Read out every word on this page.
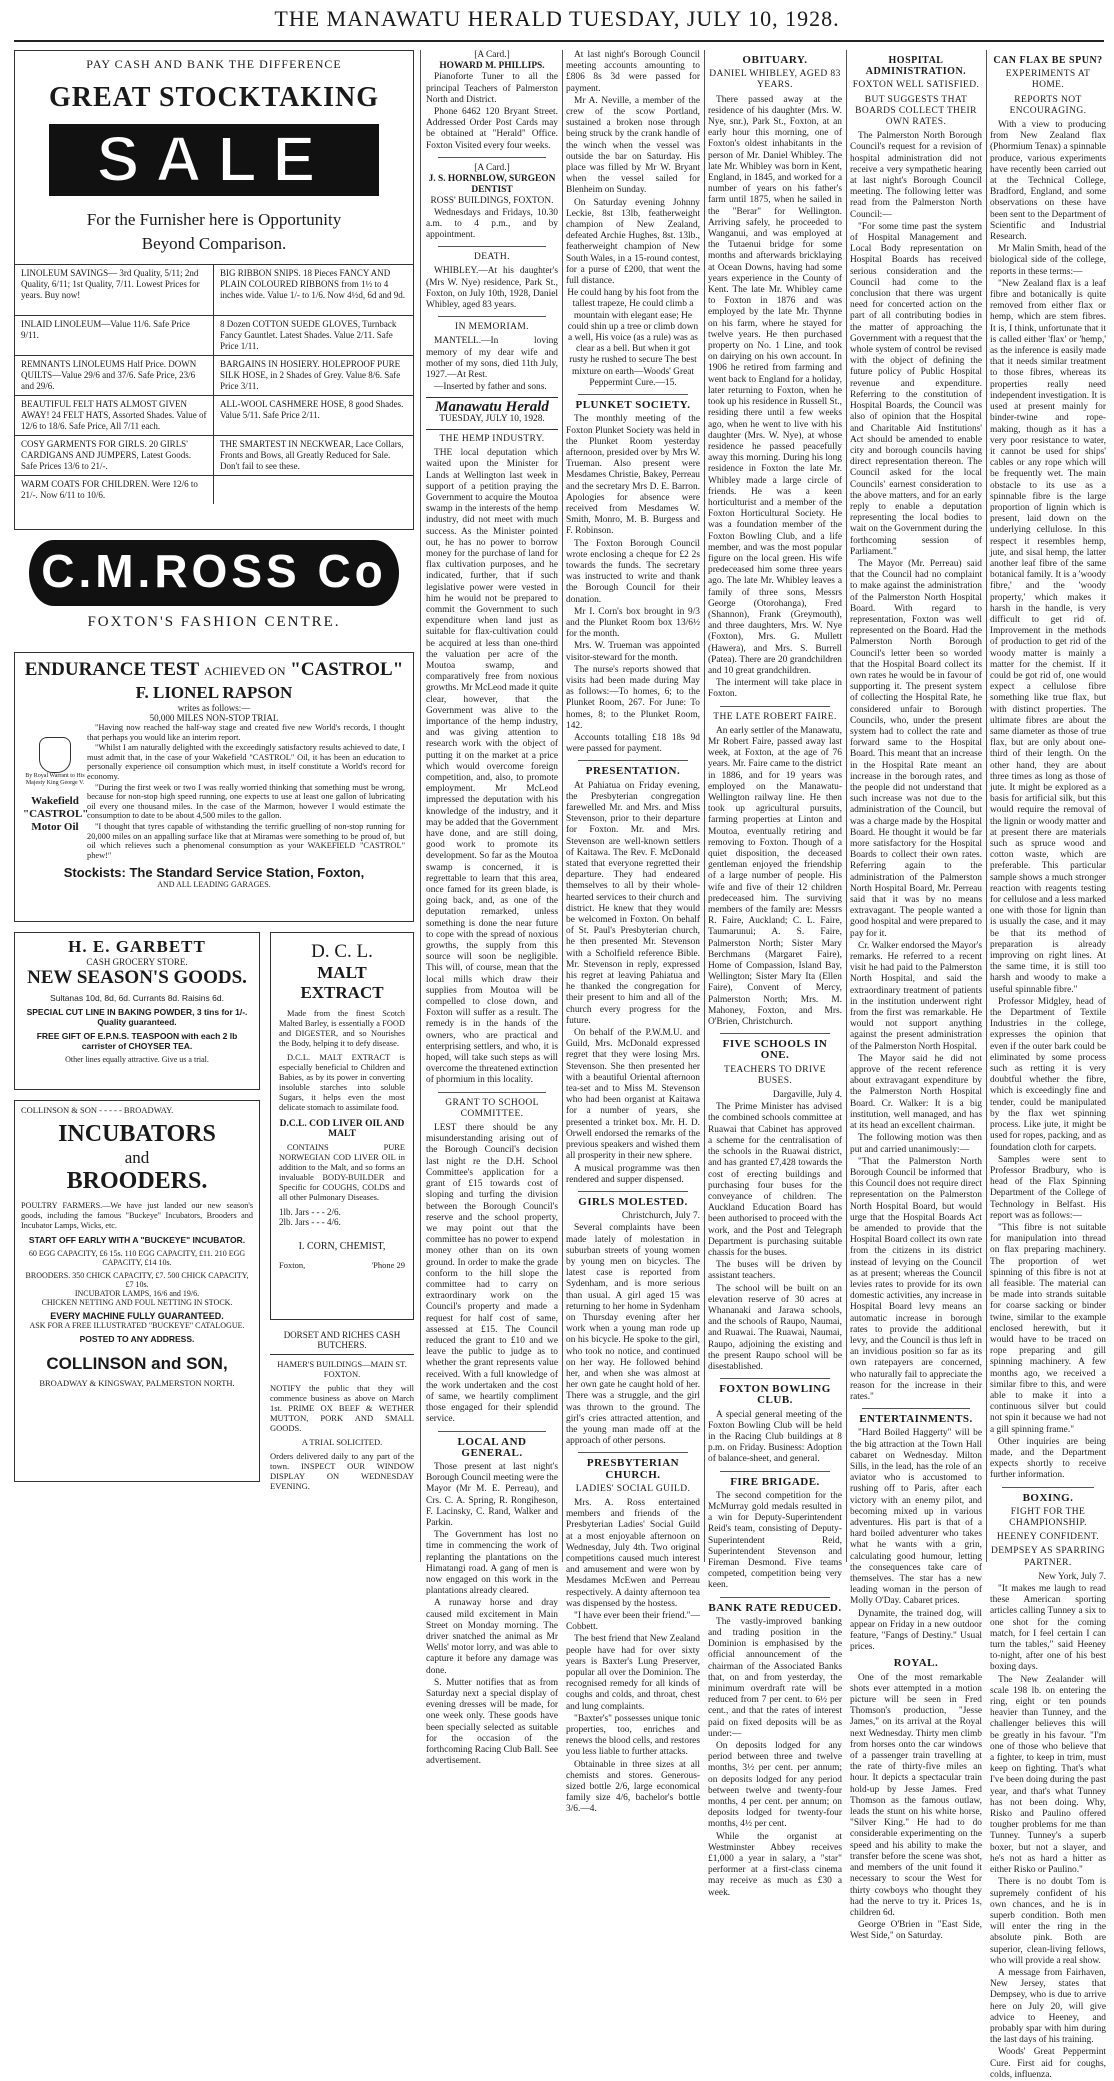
THE MANAWATU HERALD TUESDAY, JULY 10, 1928.
PAY CASH AND BANK THE DIFFERENCE
GREAT STOCKTAKING
SALE
For the Furnisher here is Opportunity
Beyond Comparison.
LINOLEUM SAVINGS— 3rd Quality, 5/11; 2nd Quality, 6/11; 1st Quality, 7/11. Lowest Prices for years. Buy now!
BIG RIBBON SNIPS. 18 Pieces FANCY AND PLAIN COLOURED RIBBONS from 1½ to 4 inches wide. Value 1/- to 1/6. Now 4½d, 6d and 9d.
INLAID LINOLEUM—Value 11/6. Safe Price 9/11.
8 Dozen COTTON SUEDE GLOVES, Turnback Fancy Gauntlet. Latest Shades. Value 2/11. Safe Price 1/11.
REMNANTS LINOLEUMS Half Price. DOWN QUILTS—Value 29/6 and 37/6. Safe Price, 23/6 and 29/6.
BARGAINS IN HOSIERY. HOLEPROOF PURE SILK HOSE, in 2 Shades of Grey. Value 8/6. Safe Price 3/11.
BEAUTIFUL FELT HATS ALMOST GIVEN AWAY! 24 FELT HATS, Assorted Shades. Value of 12/6 to 18/6. Safe Price, All 7/11 each.
ALL-WOOL CASHMERE HOSE, 8 good Shades. Value 5/11. Safe Price 2/11.
COSY GARMENTS FOR GIRLS. 20 GIRLS' CARDIGANS AND JUMPERS, Latest Goods. Safe Prices 13/6 to 21/-.
THE SMARTEST IN NECKWEAR, Lace Collars, Fronts and Bows, all Greatly Reduced for Sale. Don't fail to see these.
WARM COATS FOR CHILDREN. Were 12/6 to 21/-. Now 6/11 to 10/6.
C.M.ROSS Co
FOXTON'S FASHION CENTRE.
ENDURANCE TEST ACHIEVED ON "CASTROL"
F. LIONEL RAPSON
writes as follows:—
50,000 MILES NON-STOP TRIAL
By Royal Warrant to His Majesty King George V.
Wakefield "CASTROL" Motor Oil

"Having now reached the half-way stage and created five new World's records, I thought that perhaps you would like an interim report.

"Whilst I am naturally delighted with the exceedingly satisfactory results achieved to date, I must admit that, in the case of your Wakefield "CASTROL" Oil, it has been an education to personally experience oil consumption which must, in itself constitute a World's record for economy.

"During the first week or two I was really worried thinking that something must be wrong, because for non-stop high speed running, one expects to use at least one gallon of lubricating oil every one thousand miles. In the case of the Marmon, however I would estimate the consumption to date to be about 4,500 miles to the gallon.

"I thought that tyres capable of withstanding the terrific gruelling of non-stop running for 20,000 miles on an appalling surface like that at Miramas were something to be proud of, but oil which relieves such a phenomenal consumption as your WAKEFIELD "CASTROL" phew!"

Stockists: The Standard Service Station, Foxton,
AND ALL LEADING GARAGES.
H. E. GARBETT
CASH GROCERY STORE.
NEW SEASON'S GOODS.
Sultanas 10d, 8d, 6d. Currants 8d. Raisins 6d.
SPECIAL CUT LINE IN BAKING POWDER, 3 tins for 1/-. Quality guaranteed.
FREE GIFT OF E.P.N.S. TEASPOON with each 2 lb carrister of CHOYSER TEA.
Other lines equally attractive. Give us a trial.
COLLINSON & SON - - - - - BROADWAY.
INCUBATORS
and
BROODERS.

POULTRY FARMERS.—We have just landed our new season's goods, including the famous "Buckeye" Incubators, Brooders and Incubator Lamps, Wicks, etc.

START OFF EARLY WITH A "BUCKEYE" INCUBATOR.
60 EGG CAPACITY, £6 15s. 110 EGG CAPACITY, £11. 210 EGG CAPACITY, £14 10s.
BROODERS. 350 CHICK CAPACITY, £7. 500 CHICK CAPACITY, £7 10s.
INCUBATOR LAMPS, 16/6 and 19/6.
CHICKEN NETTING AND FOUL NETTING IN STOCK.
EVERY MACHINE FULLY GUARANTEED.
ASK FOR A FREE ILLUSTRATED "BUCKEYE" CATALOGUE.
POSTED TO ANY ADDRESS.
COLLINSON and SON,
BROADWAY & KINGSWAY, PALMERSTON NORTH.
D. C. L.
MALT EXTRACT

Made from the finest Scotch Malted Barley, is essentially a FOOD and DIGESTER, and so Nourishes the Body, helping it to defy disease.

D.C.L. MALT EXTRACT is especially beneficial to Children and Babies, as by its power in converting insoluble starches into soluble Sugars, it helps even the most delicate stomach to assimilate food.

D.C.L. COD LIVER OIL AND MALT

CONTAINS PURE NORWEGIAN COD LIVER OIL in addition to the Malt, and so forms an invaluable BODY-BUILDER and Specific for COUGHS, COLDS and all other Pulmonary Diseases.

1lb. Jars - - - 2/6.
2lb. Jars - - - 4/6.
I. CORN, CHEMIST,
Foxton,	'Phone 29
DORSET AND RICHES CASH BUTCHERS.
HAMER'S BUILDINGS—MAIN ST. FOXTON.

NOTIFY the public that they will commence business as above on March 1st. PRIME OX BEEF & WETHER MUTTON, PORK AND SMALL GOODS.

A TRIAL SOLICITED.

Orders delivered daily to any part of the town. INSPECT OUR WINDOW DISPLAY ON WEDNESDAY EVENING.

[A Card.]
HOWARD M. PHILLIPS.

Pianoforte Tuner to all the principal Teachers of Palmerston North and District.

Phone 6462 120 Bryant Street. Addressed Order Post Cards may be obtained at "Herald" Office. Foxton Visited every four weeks.

[A Card.]
J. S. HORNBLOW, SURGEON DENTIST
ROSS' BUILDINGS, FOXTON.

Wednesdays and Fridays, 10.30 a.m. to 4 p.m., and by appointment.

DEATH.

WHIBLEY.—At his daughter's (Mrs W. Nye) residence, Park St., Foxton, on July 10th, 1928, Daniel Whibley, aged 83 years.

IN MEMORIAM.

MANTELL.—In loving memory of my dear wife and mother of my sons, died 11th July, 1927.—At Rest.

—Inserted by father and sons.

Manawatu Herald
TUESDAY, JULY 10, 1928.
THE HEMP INDUSTRY.

THE local deputation which waited upon the Minister for Lands at Wellington last week in support of a petition praying the Government to acquire the Moutoa swamp in the interests of the hemp industry, did not meet with much success. As the Minister pointed out, he has no power to borrow money for the purchase of land for flax cultivation purposes, and he indicated, further, that if such legislative power were vested in him he would not be prepared to commit the Government to such expenditure when land just as suitable for flax-cultivation could be acquired at less than one-third the valuation per acre of the Moutoa swamp, and comparatively free from noxious growths. Mr McLeod made it quite clear, however, that the Government was alive to the importance of the hemp industry, and was giving attention to research work with the object of putting it on the market at a price which would overcome foreign competition, and, also, to promote employment. Mr McLeod impressed the deputation with his knowledge of the industry, and it may be added that the Government have done, and are still doing, good work to promote its development. So far as the Moutoa swamp is concerned, it is regrettable to learn that this area, once famed for its green blade, is going back, and, as one of the deputation remarked, unless something is done the near future to cope with the spread of noxious growths, the supply from this source will soon be negligible. This will, of course, mean that the local mills which draw their supplies from Moutoa will be compelled to close down, and Foxton will suffer as a result. The remedy is in the hands of the owners, who are practical and enterprising settlers, and who, it is hoped, will take such steps as will overcome the threatened extinction of phormium in this locality.

GRANT TO SCHOOL COMMITTEE.

LEST there should be any misunderstanding arising out of the Borough Council's decision last night re the D.H. School Committee's application for a grant of £15 towards cost of sloping and turfing the division between the Borough Council's reserve and the school property, we may point out that the committee has no power to expend money other than on its own ground. In order to make the grade conform to the hill slope the committee had to carry on extraordinary work on the Council's property and made a request for half cost of same, assessed at £15. The Council reduced the grant to £10 and we leave the public to judge as to whether the grant represents value received. With a full knowledge of the work undertaken and the cost of same, we heartily compliment those engaged for their splendid service.

LOCAL AND GENERAL.

Those present at last night's Borough Council meeting were the Mayor (Mr M. E. Perreau), and Crs. C. A. Spring, R. Rongiheson, F. Lacinsky, C. Rand, Walker and Parkin.

The Government has lost no time in commencing the work of replanting the plantations on the Himatangi road. A gang of men is now engaged on this work in the plantations already cleared.

A runaway horse and dray caused mild excitement in Main Street on Monday morning. The driver snatched the animal as Mr Wells' motor lorry, and was able to capture it before any damage was done.

S. Mutter notifies that as from Saturday next a special display of evening dresses will be made, for one week only. These goods have been specially selected as suitable for the occasion of the forthcoming Racing Club Ball. See advertisement.

At last night's Borough Council meeting accounts amounting to £806 8s 3d were passed for payment.

Mr A. Neville, a member of the crew of the scow Portland, sustained a broken nose through being struck by the crank handle of the winch when the vessel was outside the bar on Saturday. His place was filled by Mr W. Bryant when the vessel sailed for Blenheim on Sunday.

On Saturday evening Johnny Leckie, 8st 13lb, featherweight champion of New Zealand, defeated Archie Hughes, 8st. 13lb., featherweight champion of New South Wales, in a 15-round contest, for a purse of £200, that went the full distance.

He could hang by his foot from the tallest trapeze, He could climb a mountain with elegant ease; He could shin up a tree or climb down a well, His voice (as a rule) was as clear as a bell. But when it got rusty he rushed to secure The best mixture on earth—Woods' Great Peppermint Cure.—15.

PLUNKET SOCIETY.

The monthly meeting of the Foxton Plunket Society was held in the Plunket Room yesterday afternoon, presided over by Mrs W. Trueman. Also present were Mesdames Christie, Bakey, Perreau and the secretary Mrs D. E. Barron. Apologies for absence were received from Mesdames W. Smith, Monro, M. B. Burgess and F. Robinson.

The Foxton Borough Council wrote enclosing a cheque for £2 2s towards the funds. The secretary was instructed to write and thank the Borough Council for their donation.

Mr I. Corn's box brought in 9/3 and the Plunket Room box 13/6½ for the month.

Mrs. W. Trueman was appointed visitor-steward for the month.

The nurse's reports showed that visits had been made during May as follows:—To homes, 6; to the Plunket Room, 267. For June: To homes, 8; to the Plunket Room, 142.

Accounts totalling £18 18s 9d were passed for payment.

PRESENTATION.

At Pahiatua on Friday evening, the Presbyterian congregation farewelled Mr. and Mrs. and Miss Stevenson, prior to their departure for Foxton. Mr. and Mrs. Stevenson are well-known settlers of Kaitawa. The Rev. F. McDonald stated that everyone regretted their departure. They had endeared themselves to all by their whole-hearted services to their church and district. He knew that they would be welcomed in Foxton. On behalf of St. Paul's Presbyterian church, he then presented Mr. Stevenson with a Scholfield reference Bible. Mr. Stevenson in reply, expressed his regret at leaving Pahiatua and he thanked the congregation for their present to him and all of the church every progress for the future.

On behalf of the P.W.M.U. and Guild, Mrs. McDonald expressed regret that they were losing Mrs. Stevenson. She then presented her with a beautiful Oriental afternoon tea-set and to Miss M. Stevenson who had been organist at Kaitawa for a number of years, she presented a trinket box. Mr. H. D. Orwell endorsed the remarks of the previous speakers and wished them all prosperity in their new sphere.

A musical programme was then rendered and supper dispensed.

GIRLS MOLESTED.

Christchurch, July 7.

Several complaints have been made lately of molestation in suburban streets of young women by young men on bicycles. The latest case is reported from Sydenham, and is more serious than usual. A girl aged 15 was returning to her home in Sydenham on Thursday evening after her work when a young man rode up on his bicycle. He spoke to the girl, who took no notice, and continued on her way. He followed behind her, and when she was almost at her own gate he caught hold of her. There was a struggle, and the girl was thrown to the ground. The girl's cries attracted attention, and the young man made off at the approach of other persons.

PRESBYTERIAN CHURCH.
LADIES' SOCIAL GUILD.

Mrs. A. Ross entertained members and friends of the Presbyterian Ladies' Social Guild at a most enjoyable afternoon on Wednesday, July 4th. Two original competitions caused much interest and amusement and were won by Mesdames McEwen and Perreau respectively. A dainty afternoon tea was dispensed by the hostess.

"I have ever been their friend."—Cobbett.

The best friend that New Zealand people have had for over sixty years is Baxter's Lung Preserver, popular all over the Dominion. The recognised remedy for all kinds of coughs and colds, and throat, chest and lung complaints.

"Baxter's" possesses unique tonic properties, too, enriches and renews the blood cells, and restores you less liable to further attacks.

Obtainable in three sizes at all chemists and stores. Generous-sized bottle 2/6, large economical family size 4/6, bachelor's bottle 3/6.—4.

OBITUARY.
DANIEL WHIBLEY, AGED 83 YEARS.

There passed away at the residence of his daughter (Mrs. W. Nye, snr.), Park St., Foxton, at an early hour this morning, one of Foxton's oldest inhabitants in the person of Mr. Daniel Whibley. The late Mr. Whibley was born in Kent, England, in 1845, and worked for a number of years on his father's farm until 1875, when he sailed in the "Berar" for Wellington. Arriving safely, he proceeded to Wanganui, and was employed at the Tutaenui bridge for some months and afterwards bricklaying at Ocean Downs, having had some years experience in the County of Kent. The late Mr. Whibley came to Foxton in 1876 and was employed by the late Mr. Thynne on his farm, where he stayed for twelve years. He then purchased property on No. 1 Line, and took on dairying on his own account. In 1906 he retired from farming and went back to England for a holiday, later returning to Foxton, when he took up his residence in Russell St., residing there until a few weeks ago, when he went to live with his daughter (Mrs. W. Nye), at whose residence he passed peacefully away this morning. During his long residence in Foxton the late Mr. Whibley made a large circle of friends. He was a keen horticulturist and a member of the Foxton Horticultural Society. He was a foundation member of the Foxton Bowling Club, and a life member, and was the most popular figure on the local green. His wife predeceased him some three years ago. The late Mr. Whibley leaves a family of three sons, Messrs George (Otorohanga), Fred (Shannon), Frank (Greymouth), and three daughters, Mrs. W. Nye (Foxton), Mrs. G. Mullett (Hawera), and Mrs. S. Burrell (Patea). There are 20 grandchildren and 10 great grandchildren.

The interment will take place in Foxton.

THE LATE ROBERT FAIRE.

An early settler of the Manawatu, Mr Robert Faire, passed away last week, at Foxton, at the age of 76 years. Mr. Faire came to the district in 1886, and for 19 years was employed on the Manawatu-Wellington railway line. He then took up agricultural pursuits, farming properties at Linton and Moutoa, eventually retiring and removing to Foxton. Though of a quiet disposition, the deceased gentleman enjoyed the friendship of a large number of people. His wife and five of their 12 children predeceased him. The surviving members of the family are: Messrs R. Faire, Auckland; C. L. Faire, Taumarunui; A. S. Faire, Palmerston North; Sister Mary Berchmans (Margaret Faire), Home of Compassion, Island Bay, Wellington; Sister Mary Ita (Ellen Faire), Convent of Mercy, Palmerston North; Mrs. M. Mahoney, Foxton, and Mrs. O'Brien, Christchurch.

FIVE SCHOOLS IN ONE.
TEACHERS TO DRIVE BUSES.

Dargaville, July 4.

The Prime Minister has advised the combined schools committee at Ruawai that Cabinet has approved a scheme for the centralisation of the schools in the Ruawai district, and has granted £7,428 towards the cost of erecting buildings and purchasing four buses for the conveyance of children. The Auckland Education Board has been authorised to proceed with the work, and the Post and Telegraph Department is purchasing suitable chassis for the buses.

The buses will be driven by assistant teachers.

The school will be built on an elevation reserve of 30 acres at Whananaki and Jarawa schools, and the schools of Raupo, Naumai, and Ruawai. The Ruawai, Naumai, Raupo, adjoining the existing and the present Raupo school will be disestablished.

FOXTON BOWLING CLUB.

A special general meeting of the Foxton Bowling Club will be held in the Racing Club buildings at 8 p.m. on Friday. Business: Adoption of balance-sheet, and general.

FIRE BRIGADE.

The second competition for the McMurray gold medals resulted in a win for Deputy-Superintendent Reid's team, consisting of Deputy-Superintendent Reid, Superintendent Stevenson and Fireman Desmond. Five teams competed, competition being very keen.

BANK RATE REDUCED.

The vastly-improved banking and trading position in the Dominion is emphasised by the official announcement of the chairman of the Associated Banks that, on and from yesterday, the minimum overdraft rate will be reduced from 7 per cent. to 6½ per cent., and that the rates of interest paid on fixed deposits will be as under:—

On deposits lodged for any period between three and twelve months, 3½ per cent. per annum; on deposits lodged for any period between twelve and twenty-four months, 4 per cent. per annum; on deposits lodged for twenty-four months, 4½ per cent.

While the organist at Westminster Abbey receives £1,000 a year in salary, a "star" performer at a first-class cinema may receive as much as £30 a week.

HOSPITAL ADMINISTRATION.
FOXTON WELL SATISFIED.
BUT SUGGESTS THAT BOARDS COLLECT THEIR OWN RATES.

The Palmerston North Borough Council's request for a revision of hospital administration did not receive a very sympathetic hearing at last night's Borough Council meeting. The following letter was read from the Palmerston North Council:—

"For some time past the system of Hospital Management and Local Body representation on Hospital Boards has received serious consideration and the Council had come to the conclusion that there was urgent need for concerted action on the part of all contributing bodies in the matter of approaching the Government with a request that the whole system of control be revised with the object of defining the future policy of Public Hospital revenue and expenditure. Referring to the constitution of Hospital Boards, the Council was also of opinion that the Hospital and Charitable Aid Institutions' Act should be amended to enable city and borough councils having direct representation thereon. The Council asked for the local Councils' earnest consideration to the above matters, and for an early reply to enable a deputation representing the local bodies to wait on the Government during the forthcoming session of Parliament."

The Mayor (Mr. Perreau) said that the Council had no complaint to make against the administration of the Palmerston North Hospital Board. With regard to representation, Foxton was well represented on the Board. Had the Palmerston North Borough Council's letter been so worded that the Hospital Board collect its own rates he would be in favour of supporting it. The present system of collecting the Hospital Rate, he considered unfair to Borough Councils, who, under the present system had to collect the rate and forward same to the Hospital Board. This meant that an increase in the Hospital Rate meant an increase in the borough rates, and the people did not understand that such increase was not due to the administration of the Council, but was a charge made by the Hospital Board. He thought it would be far more satisfactory for the Hospital Boards to collect their own rates. Referring again to the administration of the Palmerston North Hospital Board, Mr. Perreau said that it was by no means extravagant. The people wanted a good hospital and were prepared to pay for it.

Cr. Walker endorsed the Mayor's remarks. He referred to a recent visit he had paid to the Palmerston North Hospital, and said the extraordinary treatment of patients in the institution underwent right from the first was remarkable. He would not support anything against the present administration of the Palmerston North Hospital.

The Mayor said he did not approve of the recent reference about extravagant expenditure by the Palmerston North Hospital Board. Cr. Walker: It is a big institution, well managed, and has at its head an excellent chairman.

The following motion was then put and carried unanimously:—

"That the Palmerston North Borough Council be informed that this Council does not require direct representation on the Palmerston North Hospital Board, but would urge that the Hospital Boards Act be amended to provide that the Hospital Board collect its own rate from the citizens in its district instead of levying on the Council as at present; whereas the Council levies rates to provide for its own domestic activities, any increase in Hospital Board levy means an automatic increase in borough rates to provide the additional levy, and the Council is thus left in an invidious position so far as its own ratepayers are concerned, who naturally fail to appreciate the reason for the increase in their rates."

ENTERTAINMENTS.

"Hard Boiled Haggerty" will be the big attraction at the Town Hall cabaret on Wednesday. Milton Sills, in the lead, has the role of an aviator who is accustomed to rushing off to Paris, after each victory with an enemy pilot, and becoming mixed up in various adventures. His part is that of a hard boiled adventurer who takes what he wants with a grin, calculating good humour, letting the consequences take care of themselves. The star has a new leading woman in the person of Molly O'Day. Cabaret prices.

Dynamite, the trained dog, will appear on Friday in a new outdoor feature, "Fangs of Destiny." Usual prices.

ROYAL.

One of the most remarkable shots ever attempted in a motion picture will be seen in Fred Thomson's production, "Jesse James," on its arrival at the Royal next Wednesday. Thirty men climb from horses onto the car windows of a passenger train travelling at the rate of thirty-five miles an hour. It depicts a spectacular train hold-up by Jesse James. Fred Thomson as the famous outlaw, leads the stunt on his white horse, "Silver King." He had to do considerable experimenting on the speed and his ability to make the transfer before the scene was shot, and members of the unit found it necessary to scour the West for thirty cowboys who thought they had the nerve to try it. Prices 1s, children 6d.

George O'Brien in "East Side, West Side," on Saturday.

CAN FLAX BE SPUN?
EXPERIMENTS AT HOME.
REPORTS NOT ENCOURAGING.

With a view to producing from New Zealand flax (Phormium Tenax) a spinnable produce, various experiments have recently been carried out at the Technical College, Bradford, England, and some observations on these have been sent to the Department of Scientific and Industrial Research.

Mr Malin Smith, head of the biological side of the college, reports in these terms:—

"New Zealand flax is a leaf fibre and botanically is quite removed from either flax or hemp, which are stem fibres. It is, I think, unfortunate that it is called either 'flax' or 'hemp,' as the inference is easily made that it needs similar treatment to those fibres, whereas its properties really need independent investigation. It is used at present mainly for binder-twine and rope-making, though as it has a very poor resistance to water, it cannot be used for ships' cables or any rope which will be frequently wet. The main obstacle to its use as a spinnable fibre is the large proportion of lignin which is present, laid down on the underlying cellulose. In this respect it resembles hemp, jute, and sisal hemp, the latter another leaf fibre of the same botanical family. It is a 'woody fibre,' and the 'woody property,' which makes it harsh in the handle, is very difficult to get rid of. Improvement in the methods of production to get rid of the woody matter is mainly a matter for the chemist. If it could be got rid of, one would expect a cellulose fibre something like true flax, but with distinct properties. The ultimate fibres are about the same diameter as those of true flax, but are only about one-third of their length. On the other hand, they are about three times as long as those of jute. It might be explored as a basis for artificial silk, but this would require the removal of the lignin or woody matter and at present there are materials such as spruce wood and cotton waste, which are preferable. This particular sample shows a much stronger reaction with reagents testing for cellulose and a less marked one with those for lignin than is usually the case, and it may be that its method of preparation is already improving on right lines. At the same time, it is still too harsh and woody to make a useful spinnable fibre."

Professor Midgley, head of the Department of Textile Industries in the college, expresses the opinion that even if the outer bark could be eliminated by some process such as retting it is very doubtful whether the fibre, which is exceedingly fine and tender, could be manipulated by the flax wet spinning process. Like jute, it might be used for ropes, packing, and as foundation cloth for carpets.

Samples were sent to Professor Bradbury, who is head of the Flax Spinning Department of the College of Technology in Belfast. His report was as follows:—

"This fibre is not suitable for manipulation into thread on flax preparing machinery. The proportion of wet spinning of this fibre is not at all feasible. The material can be made into strands suitable for coarse sacking or binder twine, similar to the example enclosed herewith, but it would have to be traced on rope preparing and gill spinning machinery. A few months ago, we received a similar fibre to this, and were able to make it into a continuous silver but could not spin it because we had not a gill spinning frame."

Other inquiries are being made, and the Department expects shortly to receive further information.

BOXING.
FIGHT FOR THE CHAMPIONSHIP.
HEENEY CONFIDENT.
DEMPSEY AS SPARRING PARTNER.

New York, July 7.

"It makes me laugh to read these American sporting articles calling Tunney a six to one shot for the coming match, for I feel certain I can turn the tables," said Heeney to-night, after one of his best boxing days.

The New Zealander will scale 198 lb. on entering the ring, eight or ten pounds heavier than Tunney, and the challenger believes this will be greatly in his favour. "I'm one of those who believe that a fighter, to keep in trim, must keep on fighting. That's what I've been doing during the past year, and that's what Tunney has not been doing. Why, Risko and Paulino offered tougher problems for me than Tunney. Tunney's a superb boxer, but not a slayer, and he's not as hard a hitter as either Risko or Paulino."

There is no doubt Tom is supremely confident of his own chances, and he is in superb condition. Both men will enter the ring in the absolute pink. Both are superior, clean-living fellows, who will provide a real show.

A message from Fairhaven, New Jersey, states that Dempsey, who is due to arrive here on July 20, will give advice to Heeney, and probably spar with him during the last days of his training.

Woods' Great Peppermint Cure. First aid for coughs, colds, influenza.
